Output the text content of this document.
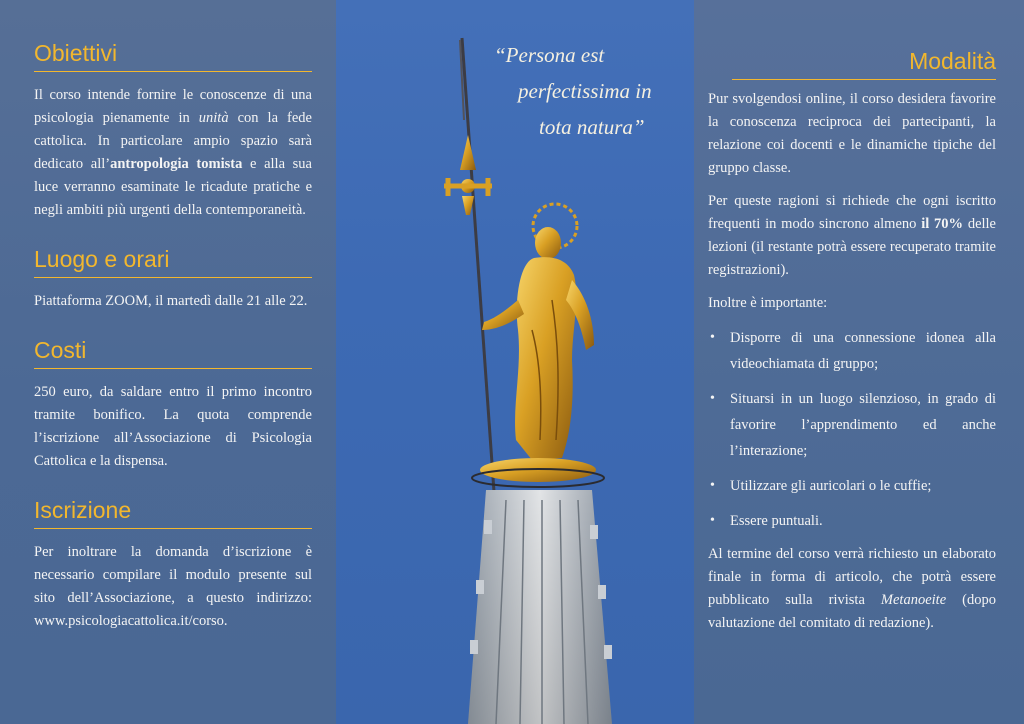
Obiettivi

Il corso intende fornire le conoscenze di una psicologia pienamente in unità con la fede cattolica. In particolare ampio spazio sarà dedicato all’antropologia tomista e alla sua luce verranno esaminate le ricadute pratiche e negli ambiti più urgenti della contemporaneità.

Luogo e orari

Piattaforma ZOOM, il martedì dalle 21 alle 22.

Costi

250 euro, da saldare entro il primo incontro tramite bonifico. La quota comprende l’iscrizione all’Associazione di Psicologia Cattolica e la dispensa.

Iscrizione

Per inoltrare la domanda d’iscrizione è necessario compilare il modulo presente sul sito dell’Associazione, a questo indirizzo: www.psicologiacattolica.it/corso.

“Persona est
perfectissima in
tota natura”
Modalità

Pur svolgendosi online, il corso desidera favorire la conoscenza reciproca dei partecipanti, la relazione coi docenti e le dinamiche tipiche del gruppo classe.

Per queste ragioni si richiede che ogni iscritto frequenti in modo sincrono almeno il 70% delle lezioni (il restante potrà essere recuperato tramite registrazioni).

Inoltre è importante:

• Disporre di una connessione idonea alla videochiamata di gruppo;
• Situarsi in un luogo silenzioso, in grado di favorire l’apprendimento ed anche l’interazione;
• Utilizzare gli auricolari o le cuffie;
• Essere puntuali.

Al termine del corso verrà richiesto un elaborato finale in forma di articolo, che potrà essere pubblicato sulla rivista Metanoeite (dopo valutazione del comitato di redazione).
